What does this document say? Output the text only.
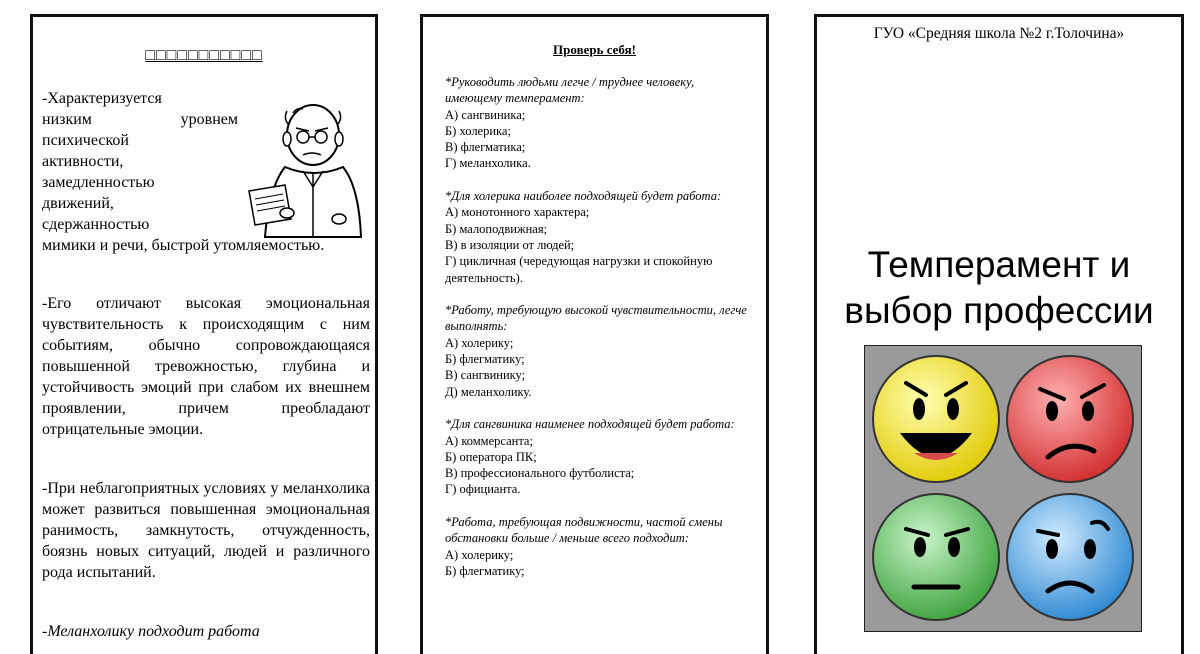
□□□□□□□□□□□
-Характеризуется
низким уровнем
психической
активности,
замедленностью
движений,
сдержанностью
мимики и речи, быстрой утомляемостью.
-Его отличают высокая эмоциональная чувствительность к происходящим с ним событиям, обычно сопровождающаяся повышенной тревожностью, глубина и устойчивость эмоций при слабом их внешнем проявлении, причем преобладают отрицательные эмоции.
-При неблагоприятных условиях у меланхолика может развиться повышенная эмоциональная ранимость, замкнутость, отчужденность, боязнь новых ситуаций, людей и различного рода испытаний.
-Меланхолику подходит работа
Проверь себя!
*Руководить людьми легче / труднее человеку, имеющему темперамент:
А) сангвиника;
Б) холерика;
В) флегматика;
Г) меланхолика.
*Для холерика наиболее подходящей будет работа:
А) монотонного характера;
Б) малоподвижная;
В) в изоляции от людей;
Г) цикличная (чередующая нагрузки и спокойную деятельность).
*Работу, требующую высокой чувствительности, легче выполнять:
А) холерику;
Б) флегматику;
В) сангвинику;
Д) меланхолику.
*Для сангвиника наименее подходящей будет работа:
А) коммерсанта;
Б) оператора ПК;
В) профессионального футболиста;
Г) официанта.
*Работа, требующая подвижности, частой смены обстановки больше / меньше всего подходит:
А) холерику;
Б) флегматику;
ГУО «Средняя школа №2 г.Толочина»
Темперамент и
выбор профессии
